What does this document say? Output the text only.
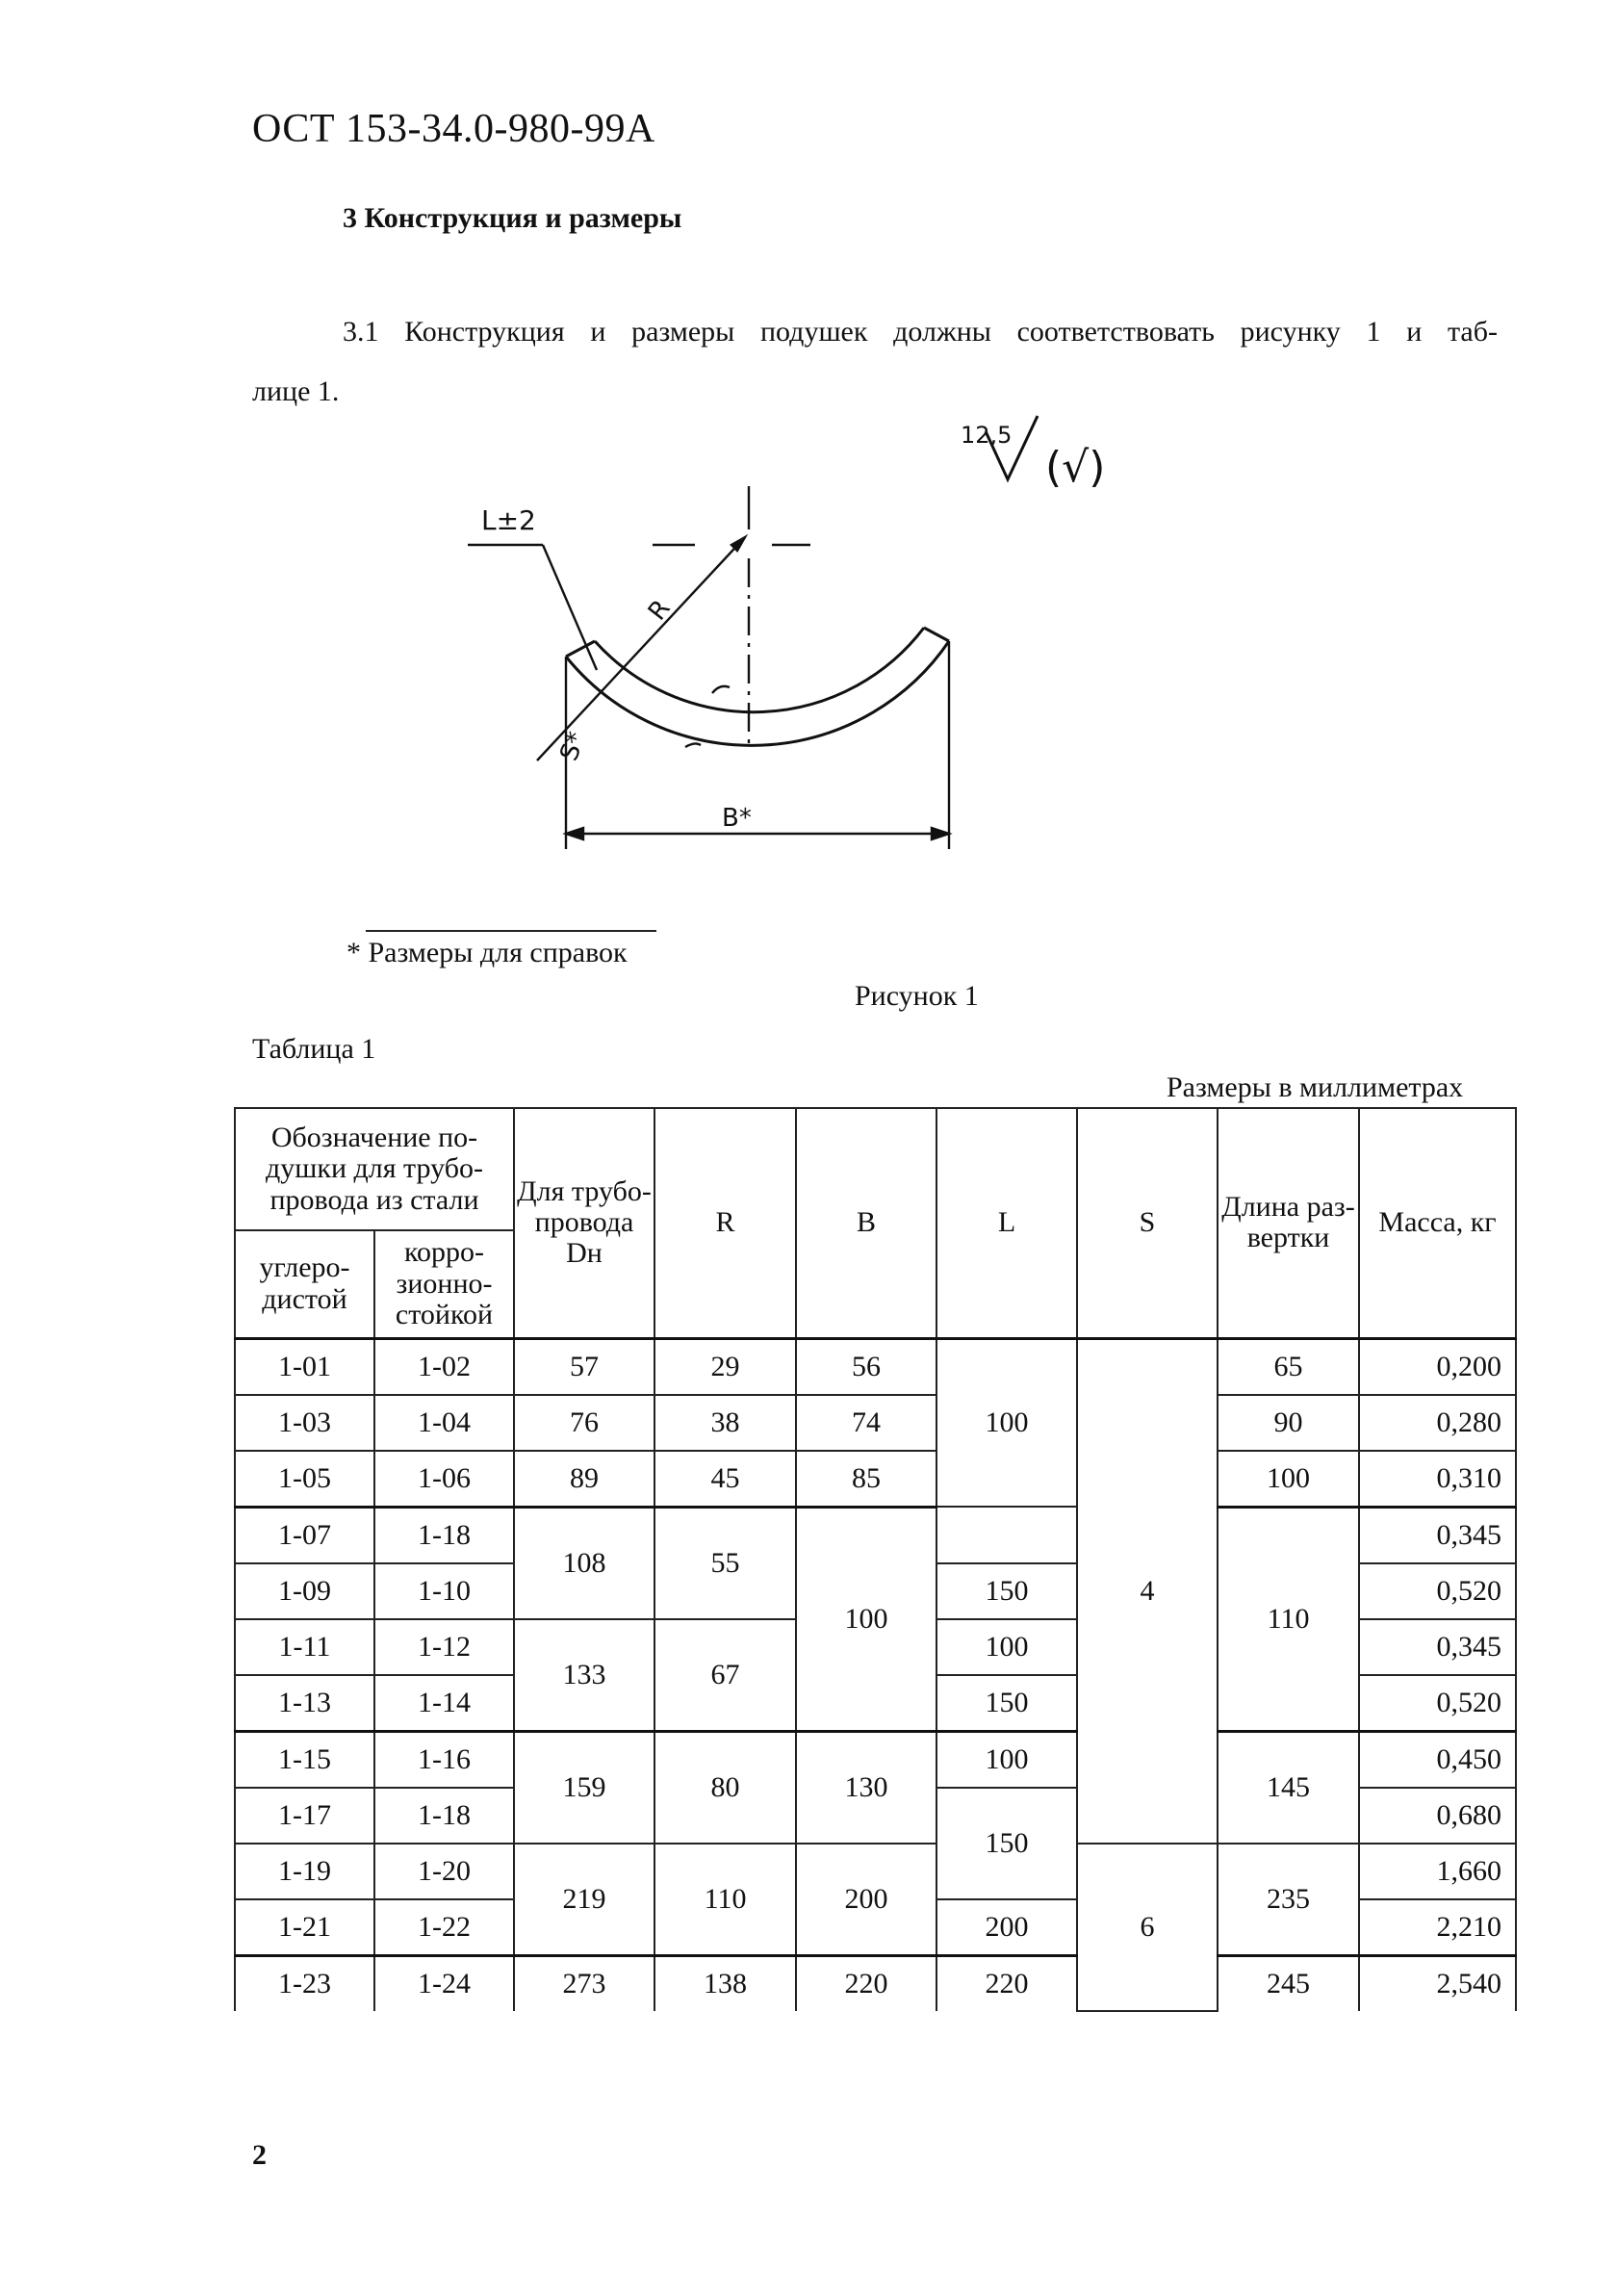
ОСТ 153-34.0-980-99А
3 Конструкция и размеры
3.1 Конструкция и размеры подушек должны соответствовать рисунку 1 и таб-
лице 1.
12,5
(√)
L±2
R
S*
B*
* Размеры для справок
Рисунок 1
Таблица 1
Размеры в миллиметрах
Обозначение по-душки для трубо-провода из стали		Для трубо-провода Dн	R	B	L	S	Длина раз-вертки	Масса, кг
углеро-дистой	корро-зионно-стойкой							
1-01	1-02	57	29	56	100	4	65	0,200
1-03	1-04	76	38	74			90	0,280
1-05	1-06	89	45	85			100	0,310
1-07	1-18	108	55	100			110	0,345
1-09	1-10				150			0,520
1-11	1-12	133	67		100			0,345
1-13	1-14				150			0,520
1-15	1-16	159	80	130	100		145	0,450
1-17	1-18				150			0,680
1-19	1-20	219	110	200		6	235	1,660
1-21	1-22				200			2,210
1-23	1-24	273	138	220	220		245	2,540
2
